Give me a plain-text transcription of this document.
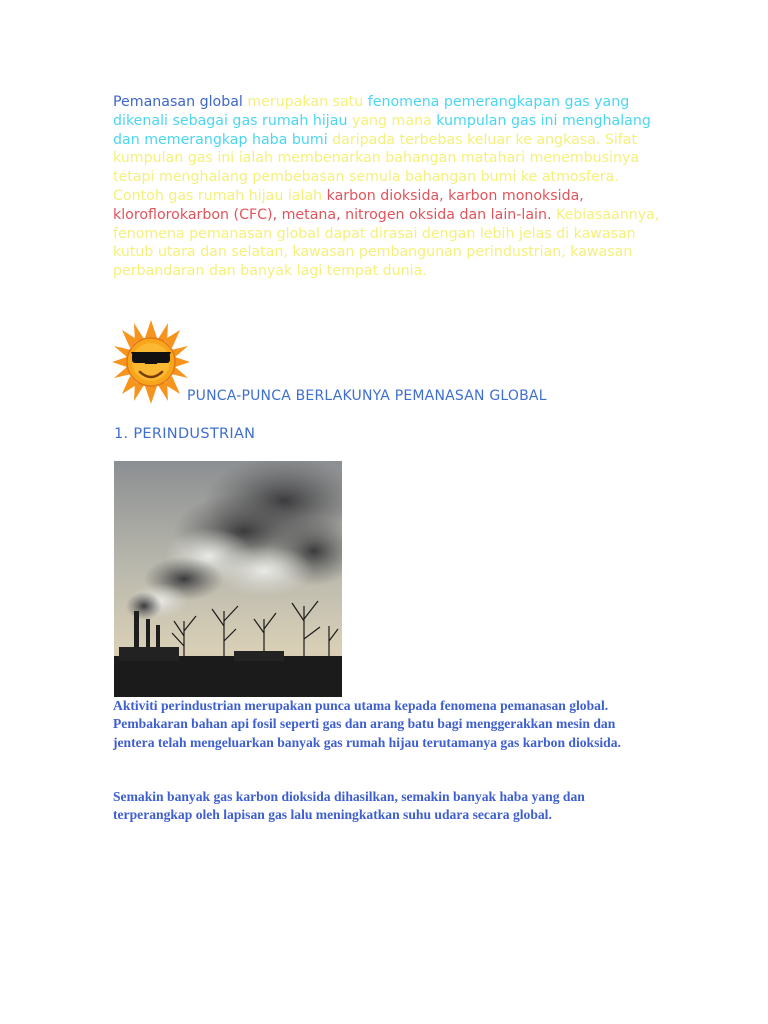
Pemanasan global merupakan satu fenomena pemerangkapan gas yang dikenali sebagai gas rumah hijau yang mana kumpulan gas ini menghalang dan memerangkap haba bumi daripada terbebas keluar ke angkasa. Sifat kumpulan gas ini ialah membenarkan bahangan matahari menembusinya tetapi menghalang pembebasan semula bahangan bumi ke atmosfera. Contoh gas rumah hijau ialah karbon dioksida, karbon monoksida, kloroflorokarbon (CFC), metana, nitrogen oksida dan lain-lain. Kebiasaannya, fenomena pemanasan global dapat dirasai dengan lebih jelas di kawasan kutub utara dan selatan, kawasan pembangunan perindustrian, kawasan perbandaran dan banyak lagi tempat dunia.

PUNCA-PUNCA BERLAKUNYA PEMANASAN GLOBAL
1. PERINDUSTRIAN

Aktiviti perindustrian merupakan punca utama kepada fenomena pemanasan global. Pembakaran bahan api fosil seperti gas dan arang batu bagi menggerakkan mesin dan jentera telah mengeluarkan banyak gas rumah hijau terutamanya gas karbon dioksida.

Semakin banyak gas karbon dioksida dihasilkan, semakin banyak haba yang dan terperangkap oleh lapisan gas lalu meningkatkan suhu udara secara global.
